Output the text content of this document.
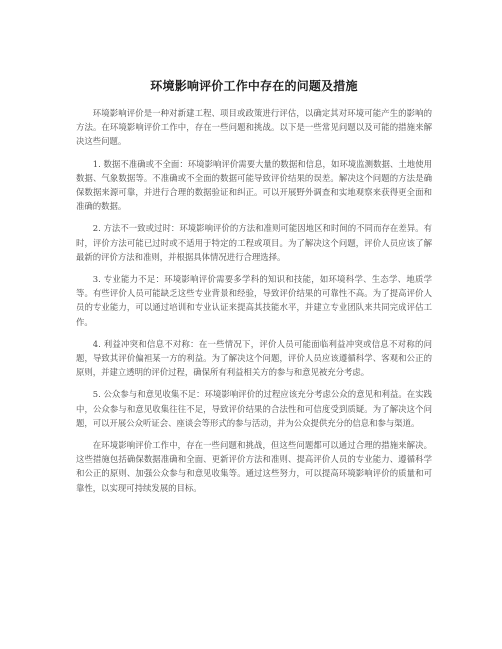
环境影响评价工作中存在的问题及措施

环境影响评价是一种对新建工程、项目或政策进行评估，以确定其对环境可能产生的影响的方法。在环境影响评价工作中，存在一些问题和挑战。以下是一些常见问题以及可能的措施来解决这些问题。

1. 数据不准确或不全面：环境影响评价需要大量的数据和信息，如环境监测数据、土地使用数据、气象数据等。不准确或不全面的数据可能导致评价结果的误差。解决这个问题的方法是确保数据来源可靠，并进行合理的数据验证和纠正。可以开展野外调查和实地观察来获得更全面和准确的数据。

2. 方法不一致或过时：环境影响评价的方法和准则可能因地区和时间的不同而存在差异。有时，评价方法可能已过时或不适用于特定的工程或项目。为了解决这个问题，评价人员应该了解最新的评价方法和准则，并根据具体情况进行合理选择。

3. 专业能力不足：环境影响评价需要多学科的知识和技能，如环境科学、生态学、地质学等。有些评价人员可能缺乏这些专业背景和经验，导致评价结果的可靠性不高。为了提高评价人员的专业能力，可以通过培训和专业认证来提高其技能水平，并建立专业团队来共同完成评估工作。

4. 利益冲突和信息不对称：在一些情况下，评价人员可能面临利益冲突或信息不对称的问题，导致其评价偏袒某一方的利益。为了解决这个问题，评价人员应该遵循科学、客观和公正的原则，并建立透明的评价过程，确保所有利益相关方的参与和意见被充分考虑。

5. 公众参与和意见收集不足：环境影响评价的过程应该充分考虑公众的意见和利益。在实践中，公众参与和意见收集往往不足，导致评价结果的合法性和可信度受到质疑。为了解决这个问题，可以开展公众听证会、座谈会等形式的参与活动，并为公众提供充分的信息和参与渠道。

在环境影响评价工作中，存在一些问题和挑战，但这些问题都可以通过合理的措施来解决。这些措施包括确保数据准确和全面、更新评价方法和准则、提高评价人员的专业能力、遵循科学和公正的原则、加强公众参与和意见收集等。通过这些努力，可以提高环境影响评价的质量和可靠性，以实现可持续发展的目标。
